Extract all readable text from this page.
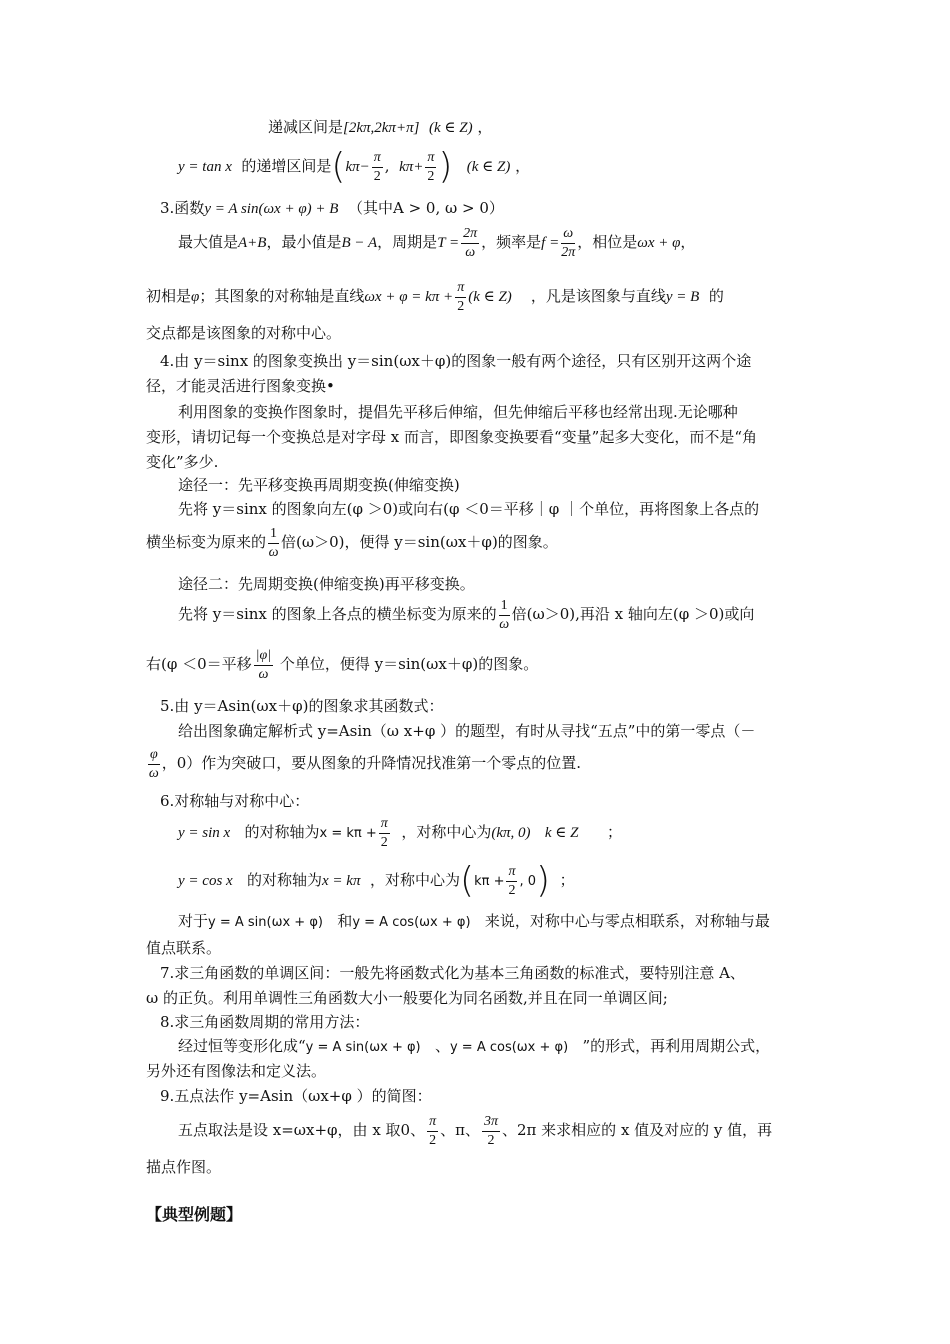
递减区间是[2kπ,2kπ+π] (k ∈ Z) ，
y = tan x 的递增区间是($k\pi- \frac{\pi}{2}$ ,  $k\pi+ \frac{\pi}{2}$ ) (k ∈ Z) ，
3.函数y = A sin(ωx + φ) + B （其中A > 0, ω > 0）
最大值是A+B，最小值是B − A，周期是$T = \frac{2\pi}{\omega}$ ，频率是$f = \frac{\omega}{2\pi}$ ，相位是ωx + φ，
初相是φ；其图象的对称轴是直线$\omega x + \varphi = k\pi + \frac{\pi}{2} (k$ ∈ Z) ，凡是该图象与直线y = B 的
交点都是该图象的对称中心。
4.由 y＝sinx 的图象变换出 y＝sin(ωx＋φ)的图象一般有两个途径，只有区别开这两个途
径，才能灵活进行图象变换•
利用图象的变换作图象时，提倡先平移后伸缩，但先伸缩后平移也经常出现.无论哪种
变形，请切记每一个变换总是对字母 x 而言，即图象变换要看“变量”起多大变化，而不是“角
变化”多少.
途径一：先平移变换再周期变换(伸缩变换)
先将 y＝sinx 的图象向左(φ ＞0)或向右(φ ＜0＝平移｜φ ｜个单位，再将图象上各点的
横坐标变为原来的 $\frac{1}{\omega}$ 倍(ω＞0)，便得 y＝sin(ωx＋φ)的图象。
途径二：先周期变换(伸缩变换)再平移变换。
先将 y＝sinx 的图象上各点的横坐标变为原来的 $\frac{1}{\omega}$ 倍(ω＞0),再沿 x 轴向左(φ ＞0)或向
右(φ ＜0＝平移 $\frac{|\varphi|}{\omega}$ 个单位，便得 y＝sin(ωx＋φ)的图象。
5.由 y＝Asin(ωx＋φ)的图象求其函数式：
给出图象确定解析式 y=Asin（ω x+φ ）的题型，有时从寻找“五点”中的第一零点（－
$\frac{\varphi}{\omega}$ ，0）作为突破口，要从图象的升降情况找准第一个零点的位置.
6.对称轴与对称中心：
y = sin x 的对称轴为$x = k\pi + \frac{\pi}{2}$ ，对称中心为(kπ, 0) k ∈ Z ；
y = cos x 的对称轴为x = kπ ，对称中心为($k\pi + \frac{\pi}{2}$ , 0) ；
对于y = A sin(ωx + φ) 和y = A cos(ωx + φ) 来说，对称中心与零点相联系，对称轴与最
值点联系。
7.求三角函数的单调区间：一般先将函数式化为基本三角函数的标准式，要特别注意 A、
ω 的正负。利用单调性三角函数大小一般要化为同名函数,并且在同一单调区间;
8.求三角函数周期的常用方法：
经过恒等变形化成“y = A sin(ωx + φ) 、y = A cos(ωx + φ) ”的形式，再利用周期公式，
另外还有图像法和定义法。
9.五点法作 y=Asin（ωx+φ ）的简图：
五点取法是设 x=ωx+φ，由 x 取0、 $\frac{\pi}{2}$ 、π、 $\frac{3\pi}{2}$ 、2π 来求相应的 x 值及对应的 y 值，再
描点作图。
【典型例题】
